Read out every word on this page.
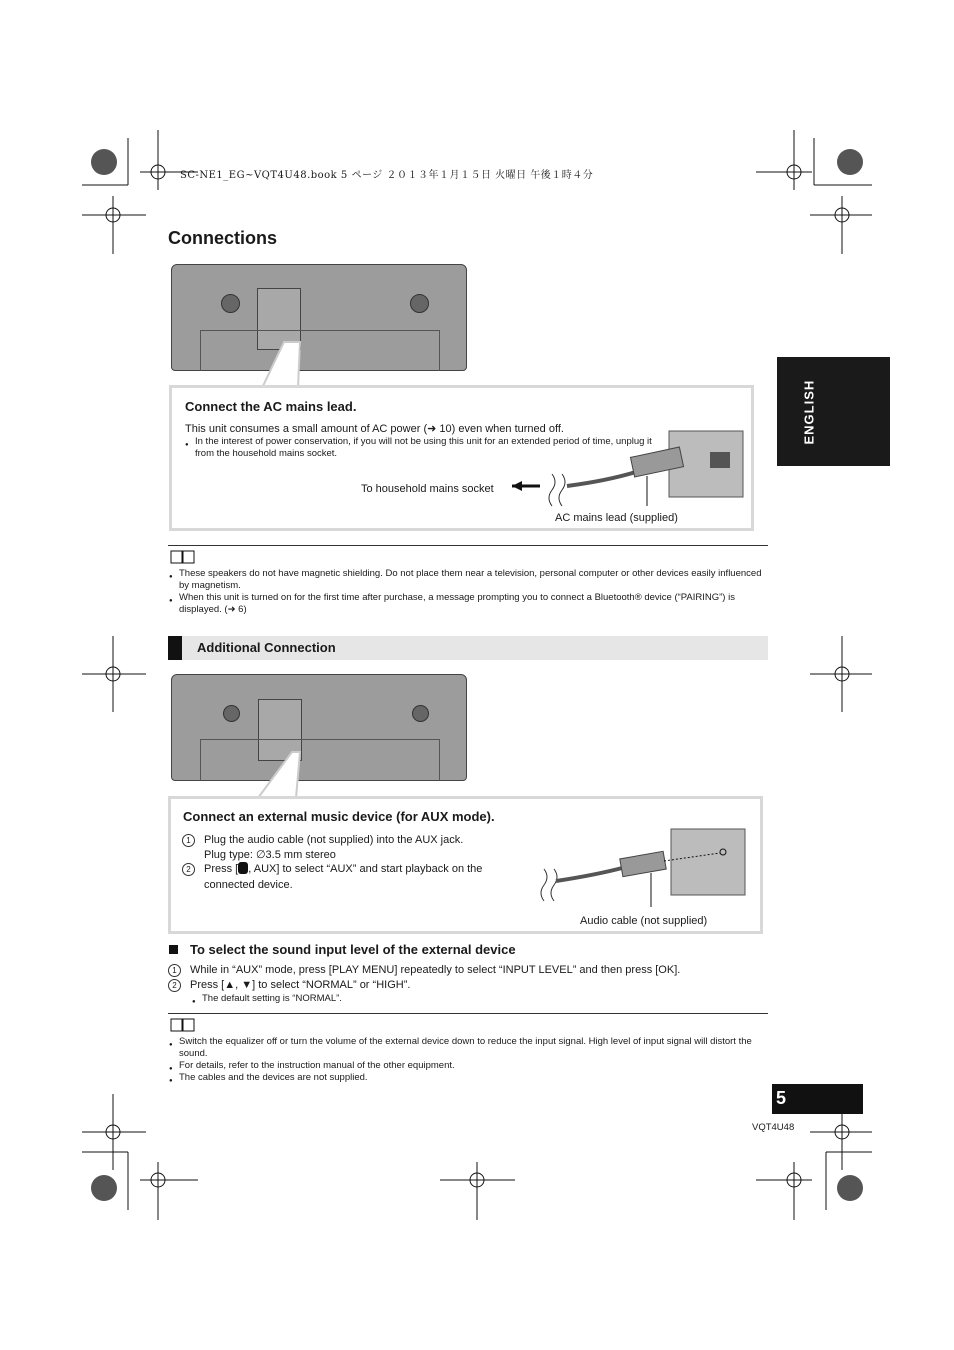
SC-NE1_EG~VQT4U48.book 5 ページ ２０１３年１月１５日 火曜日 午後１時４分
Connections
ENGLISH
Connect the AC mains lead.
This unit consumes a small amount of AC power (➜ 10) even when turned off.
● In the interest of power conservation, if you will not be using this unit for an extended period of time, unplug it from the household mains socket.
To household mains socket
AC mains lead (supplied)
● These speakers do not have magnetic shielding. Do not place them near a television, personal computer or other devices easily influenced by magnetism.
● When this unit is turned on for the first time after purchase, a message prompting you to connect a Bluetooth® device (“PAIRING”) is displayed. (➜ 6)
Additional Connection
Connect an external music device (for AUX mode).
1	Plug the audio cable (not supplied) into the AUX jack.
Plug type: ∅3.5 mm stereo
2	Press [ , AUX] to select “AUX” and start playback on the
connected device.
Audio cable (not supplied)
To select the sound input level of the external device
1	While in “AUX” mode, press [PLAY MENU] repeatedly to select “INPUT LEVEL” and then press [OK].
2	Press [▲, ▼] to select “NORMAL” or “HIGH”.
● The default setting is “NORMAL”.
● Switch the equalizer off or turn the volume of the external device down to reduce the input signal. High level of input signal will distort the sound.
● For details, refer to the instruction manual of the other equipment.
● The cables and the devices are not supplied.
5
VQT4U48
